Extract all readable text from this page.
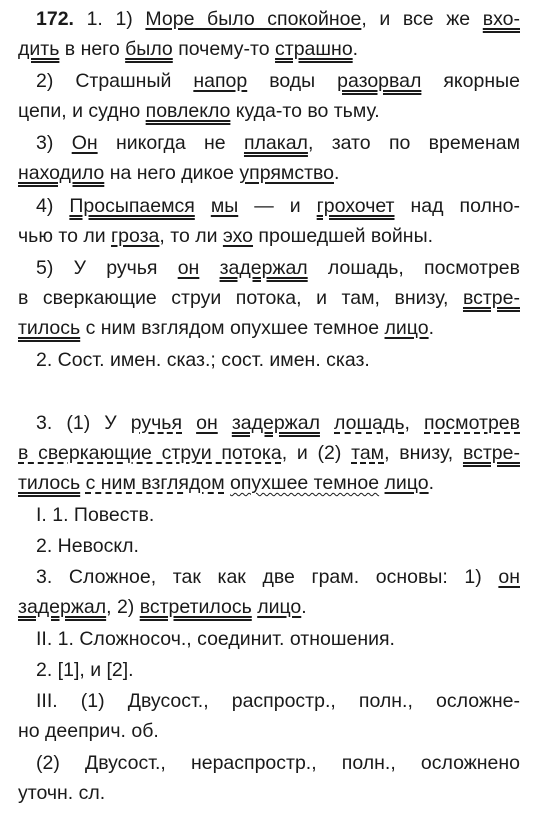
172. 1. 1) Море было спокойное, и все же вхо-
дить в него было почему-то страшно.
2) Страшный напор воды разорвал якорные
цепи, и судно повлекло куда-то во тьму.
3) Он никогда не плакал, зато по временам
находило на него дикое упрямство.
4) Просыпаемся мы — и грохочет над полно-
чью то ли гроза, то ли эхо прошедшей войны.
5) У ручья он задержал лошадь, посмотрев
в сверкающие струи потока, и там, внизу, встре-
тилось с ним взглядом опухшее темное лицо.
2. Сост. имен. сказ.; сост. имен. сказ.
3. (1) У ручья он задержал лошадь, посмотрев
в сверкающие струи потока, и (2) там, внизу, встре-
тилось с ним взглядом опухшее темное лицо.
I. 1. Повеств.
2. Невоскл.
3. Сложное, так как две грам. основы: 1) он
задержал, 2) встретилось лицо.
II. 1. Сложносоч., соединит. отношения.
2. [1], и [2].
III. (1) Двусост., распростр., полн., осложне-
но дееприч. об.
(2) Двусост., нераспростр., полн., осложнено
уточн. сл.
